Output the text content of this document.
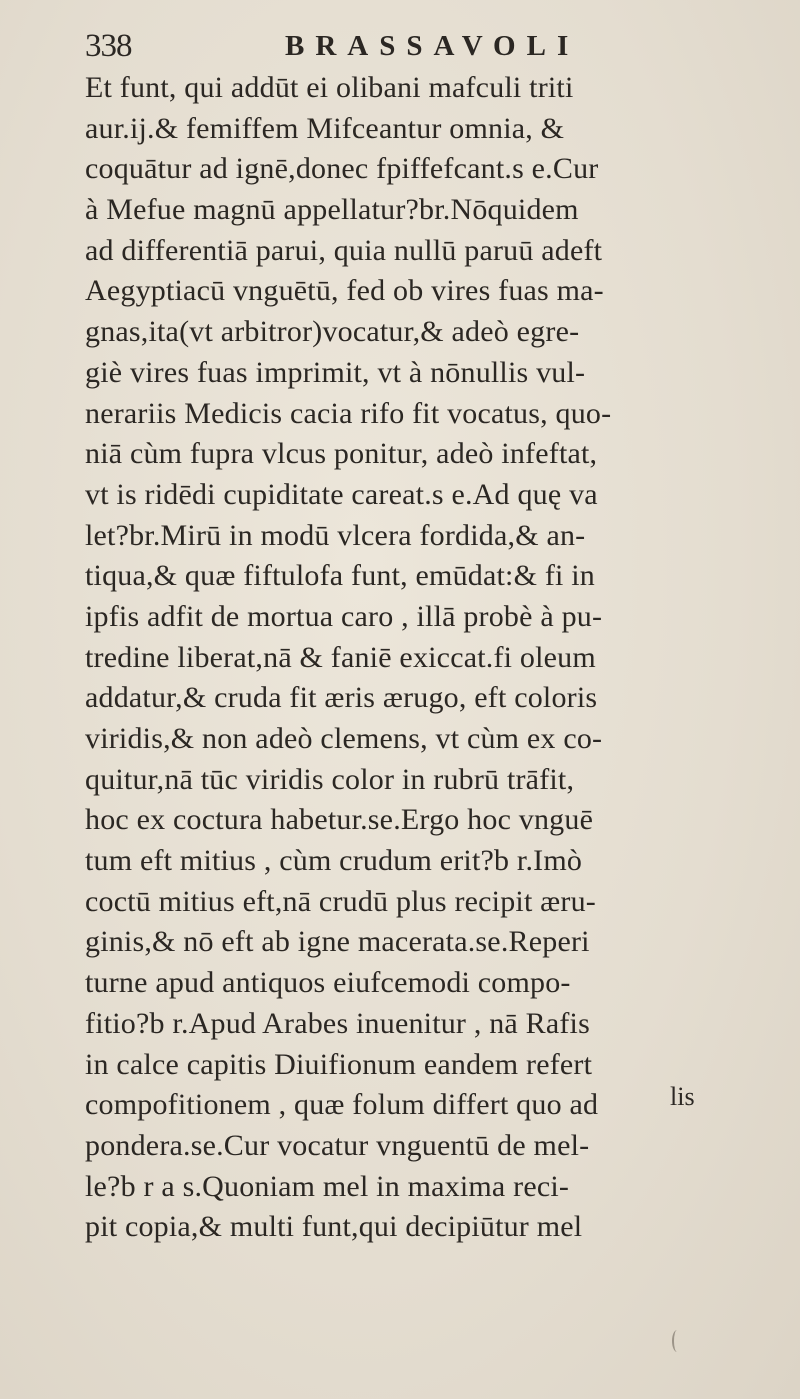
338	BRASSAVOLI
Et funt, qui addūt ei olibani mafculi triti
aur.ij.& femiffem Mifceantur omnia, &
coquātur ad ignē,donec fpiffefcant.s e.Cur
à Mefue magnū appellatur?br.Nōquidem
ad differentiā parui, quia nullū paruū adeft
Aegyptiacū vnguētū, fed ob vires fuas ma-
gnas,ita(vt arbitror)vocatur,& adeò egre-
giè vires fuas imprimit, vt à nōnullis vul-
nerariis Medicis cacia rifo fit vocatus, quo-
niā cùm fupra vlcus ponitur, adeò infeftat,
vt is ridēdi cupiditate careat.s e.Ad quę va
let?br.Mirū in modū vlcera fordida,& an-
tiqua,& quæ fiftulofa funt, emūdat:& fi in
ipfis adfit de mortua caro , illā probè à pu-
tredine liberat,nā & faniē exiccat.fi oleum
addatur,& cruda fit æris ærugo, eft coloris
viridis,& non adeò clemens, vt cùm ex co-
quitur,nā tūc viridis color in rubrū trāfit,
hoc ex coctura habetur.se.Ergo hoc vnguē
tum eft mitius , cùm crudum erit?b r.Imò
coctū mitius eft,nā crudū plus recipit æru-
ginis,& nō eft ab igne macerata.se.Reperi
turne apud antiquos eiufcemodi compo-
fitio?b r.Apud Arabes inuenitur , nā Rafis
in calce capitis Diuifionum eandem refert
compofitionem , quæ folum differt quo ad
pondera.se.Cur vocatur vnguentū de mel-
le?b r a s.Quoniam mel in maxima reci-
pit copia,& multi funt,qui decipiūtur mel
lis
